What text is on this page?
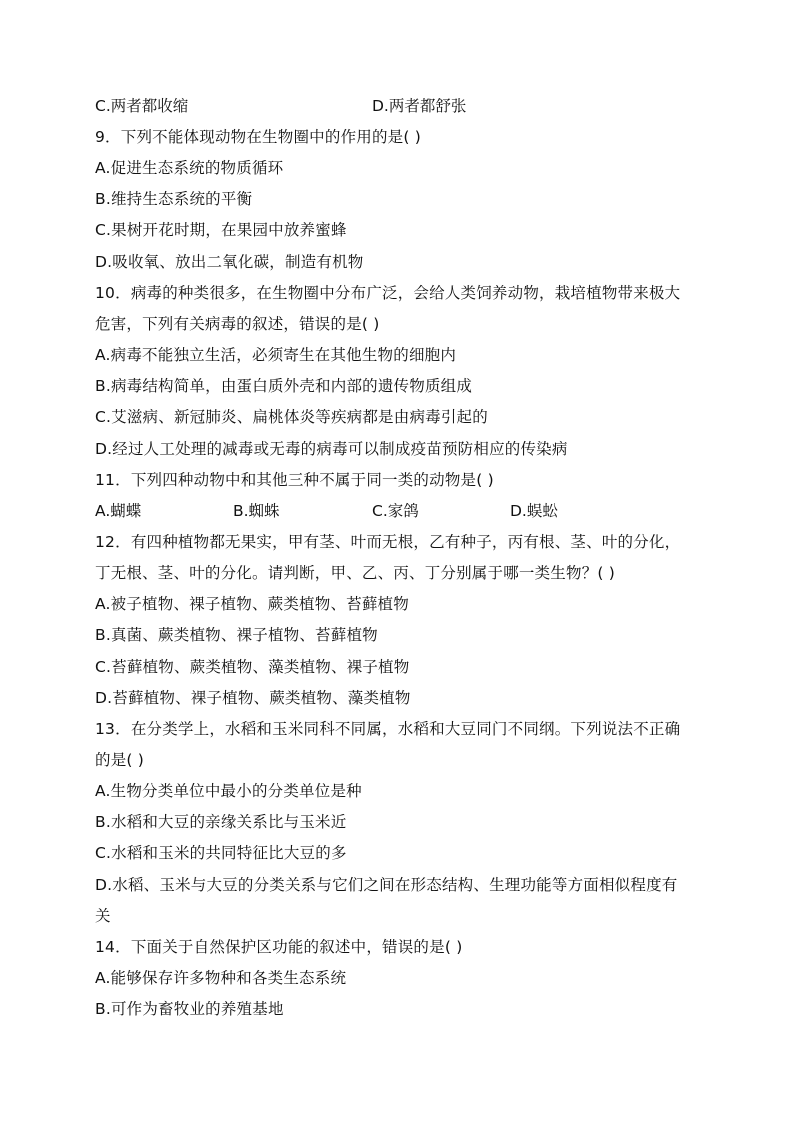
C.两者都收缩	D.两者都舒张
9．下列不能体现动物在生物圈中的作用的是( )
A.促进生态系统的物质循环
B.维持生态系统的平衡
C.果树开花时期，在果园中放养蜜蜂
D.吸收氧、放出二氧化碳，制造有机物
10．病毒的种类很多，在生物圈中分布广泛，会给人类饲养动物，栽培植物带来极大
危害，下列有关病毒的叙述，错误的是( )
A.病毒不能独立生活，必须寄生在其他生物的细胞内
B.病毒结构简单，由蛋白质外壳和内部的遗传物质组成
C.艾滋病、新冠肺炎、扁桃体炎等疾病都是由病毒引起的
D.经过人工处理的减毒或无毒的病毒可以制成疫苗预防相应的传染病
11．下列四种动物中和其他三种不属于同一类的动物是( )
A.蝴蝶	B.蜘蛛	C.家鸽	D.蜈蚣
12．有四种植物都无果实，甲有茎、叶而无根，乙有种子，丙有根、茎、叶的分化，
丁无根、茎、叶的分化。请判断，甲、乙、丙、丁分别属于哪一类生物？( )
A.被子植物、裸子植物、蕨类植物、苔藓植物
B.真菌、蕨类植物、裸子植物、苔藓植物
C.苔藓植物、蕨类植物、藻类植物、裸子植物
D.苔藓植物、裸子植物、蕨类植物、藻类植物
13．在分类学上，水稻和玉米同科不同属，水稻和大豆同门不同纲。下列说法不正确
的是( )
A.生物分类单位中最小的分类单位是种
B.水稻和大豆的亲缘关系比与玉米近
C.水稻和玉米的共同特征比大豆的多
D.水稻、玉米与大豆的分类关系与它们之间在形态结构、生理功能等方面相似程度有
关
14．下面关于自然保护区功能的叙述中，错误的是( )
A.能够保存许多物种和各类生态系统
B.可作为畜牧业的养殖基地
